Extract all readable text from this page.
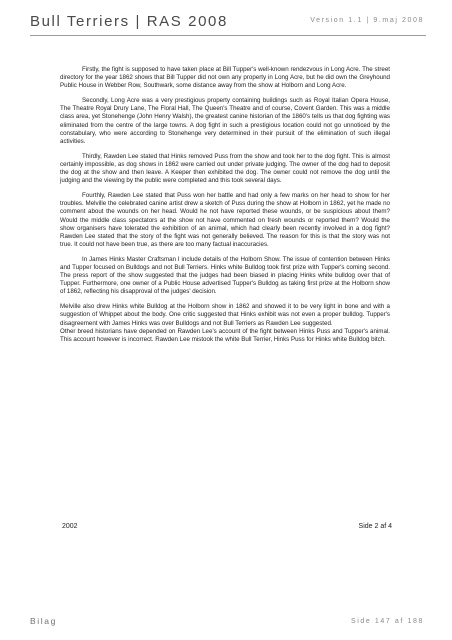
Bull Terriers | RAS 2008	Version 1.1 | 9.maj 2008

Firstly, the fight is supposed to have taken place at Bill Tupper's well-known rendezvous in Long Acre. The street directory for the year 1862 shows that Bill Tupper did not own any property in Long Acre, but he did own the Greyhound Public House in Webber Row, Southwark, some distance away from the show at Holborn and Long Acre.

Secondly, Long Acre was a very prestigious property containing buildings such as Royal Italian Opera House, The Theatre Royal Drury Lane, The Floral Hall, The Queen's Theatre and of course, Covent Garden. This was a middle class area, yet Stonehenge (John Henry Walsh), the greatest canine historian of the 1860's tells us that dog fighting was eliminated from the centre of the large towns. A dog fight in such a prestigious location could not go unnoticed by the constabulary, who were according to Stonehenge very determined in their pursuit of the elimination of such illegal activities.

Thirdly, Rawden Lee stated that Hinks removed Puss from the show and took her to the dog fight. This is almost certainly impossible, as dog shows in 1862 were carried out under private judging. The owner of the dog had to deposit the dog at the show and then leave. A Keeper then exhibited the dog. The owner could not remove the dog until the judging and the viewing by the public were completed and this took several days.

Fourthly, Rawden Lee stated that Puss won her battle and had only a few marks on her head to show for her troubles. Melville the celebrated canine artist drew a sketch of Puss during the show at Holborn in 1862, yet he made no comment about the wounds on her head. Would he not have reported these wounds, or be suspicious about them? Would the middle class spectators at the show not have commented on fresh wounds or reported them? Would the show organisers have tolerated the exhibition of an animal, which had clearly been recently involved in a dog fight? Rawden Lee stated that the story of the fight was not generally believed. The reason for this is that the story was not true. It could not have been true, as there are too many factual inaccuracies.

In James Hinks Master Craftsman I include details of the Holborn Show. The issue of contention between Hinks and Tupper focused on Bulldogs and not Bull Terriers. Hinks white Bulldog took first prize with Tupper's coming second. The press report of the show suggested that the judges had been biased in placing Hinks white bulldog over that of Tupper. Furthermore, one owner of a Public House advertised Tupper's Bulldog as taking first prize at the Holborn show of 1862, reflecting his disapproval of the judges' decision.

Melville also drew Hinks white Bulldog at the Holborn show in 1862 and showed it to be very light in bone and with a suggestion of Whippet about the body. One critic suggested that Hinks exhibit was not even a proper bulldog. Tupper's disagreement with James Hinks was over Bulldogs and not Bull Terriers as Rawden Lee suggested.

Other breed historians have depended on Rawden Lee's account of the fight between Hinks Puss and Tupper's animal. This account however is incorrect. Rawden Lee mistook the white Bull Terrier, Hinks Puss for Hinks white Bulldog bitch.

2002	Side 2 af 4
Bilag	Side 147 af 188
